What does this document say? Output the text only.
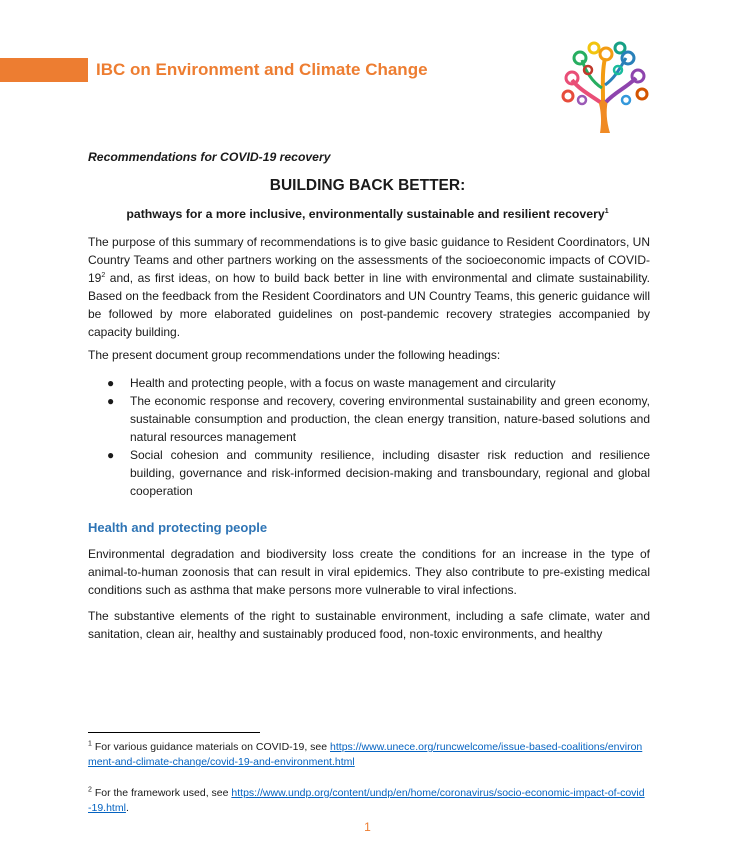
IBC on Environment and Climate Change
Recommendations for COVID-19 recovery
BUILDING BACK BETTER:
pathways for a more inclusive, environmentally sustainable and resilient recovery$^1$

The purpose of this summary of recommendations is to give basic guidance to Resident Coordinators, UN Country Teams and other partners working on the assessments of the socioeconomic impacts of COVID-$19^2$ and, as first ideas, on how to build back better in line with environmental and climate sustainability. Based on the feedback from the Resident Coordinators and UN Country Teams, this generic guidance will be followed by more elaborated guidelines on post-pandemic recovery strategies accompanied by capacity building.

The present document group recommendations under the following headings:

● Health and protecting people, with a focus on waste management and circularity
● The economic response and recovery, covering environmental sustainability and green economy, sustainable consumption and production, the clean energy transition, nature-based solutions and natural resources management
● Social cohesion and community resilience, including disaster risk reduction and resilience building, governance and risk-informed decision-making and transboundary, regional and global cooperation
Health and protecting people

Environmental degradation and biodiversity loss create the conditions for an increase in the type of animal-to-human zoonosis that can result in viral epidemics. They also contribute to pre-existing medical conditions such as asthma that make persons more vulnerable to viral infections.

The substantive elements of the right to sustainable environment, including a safe climate, water and sanitation, clean air, healthy and sustainably produced food, non-toxic environments, and healthy

$^1$ For various guidance materials on COVID-19, see https://www.unece.org/runcwelcome/issue-based-coalitions/environment-and-climate-change/covid-19-and-environment.html

$^2$ For the framework used, see https://www.undp.org/content/undp/en/home/coronavirus/socio-economic-impact-of-covid-19.html.

1
